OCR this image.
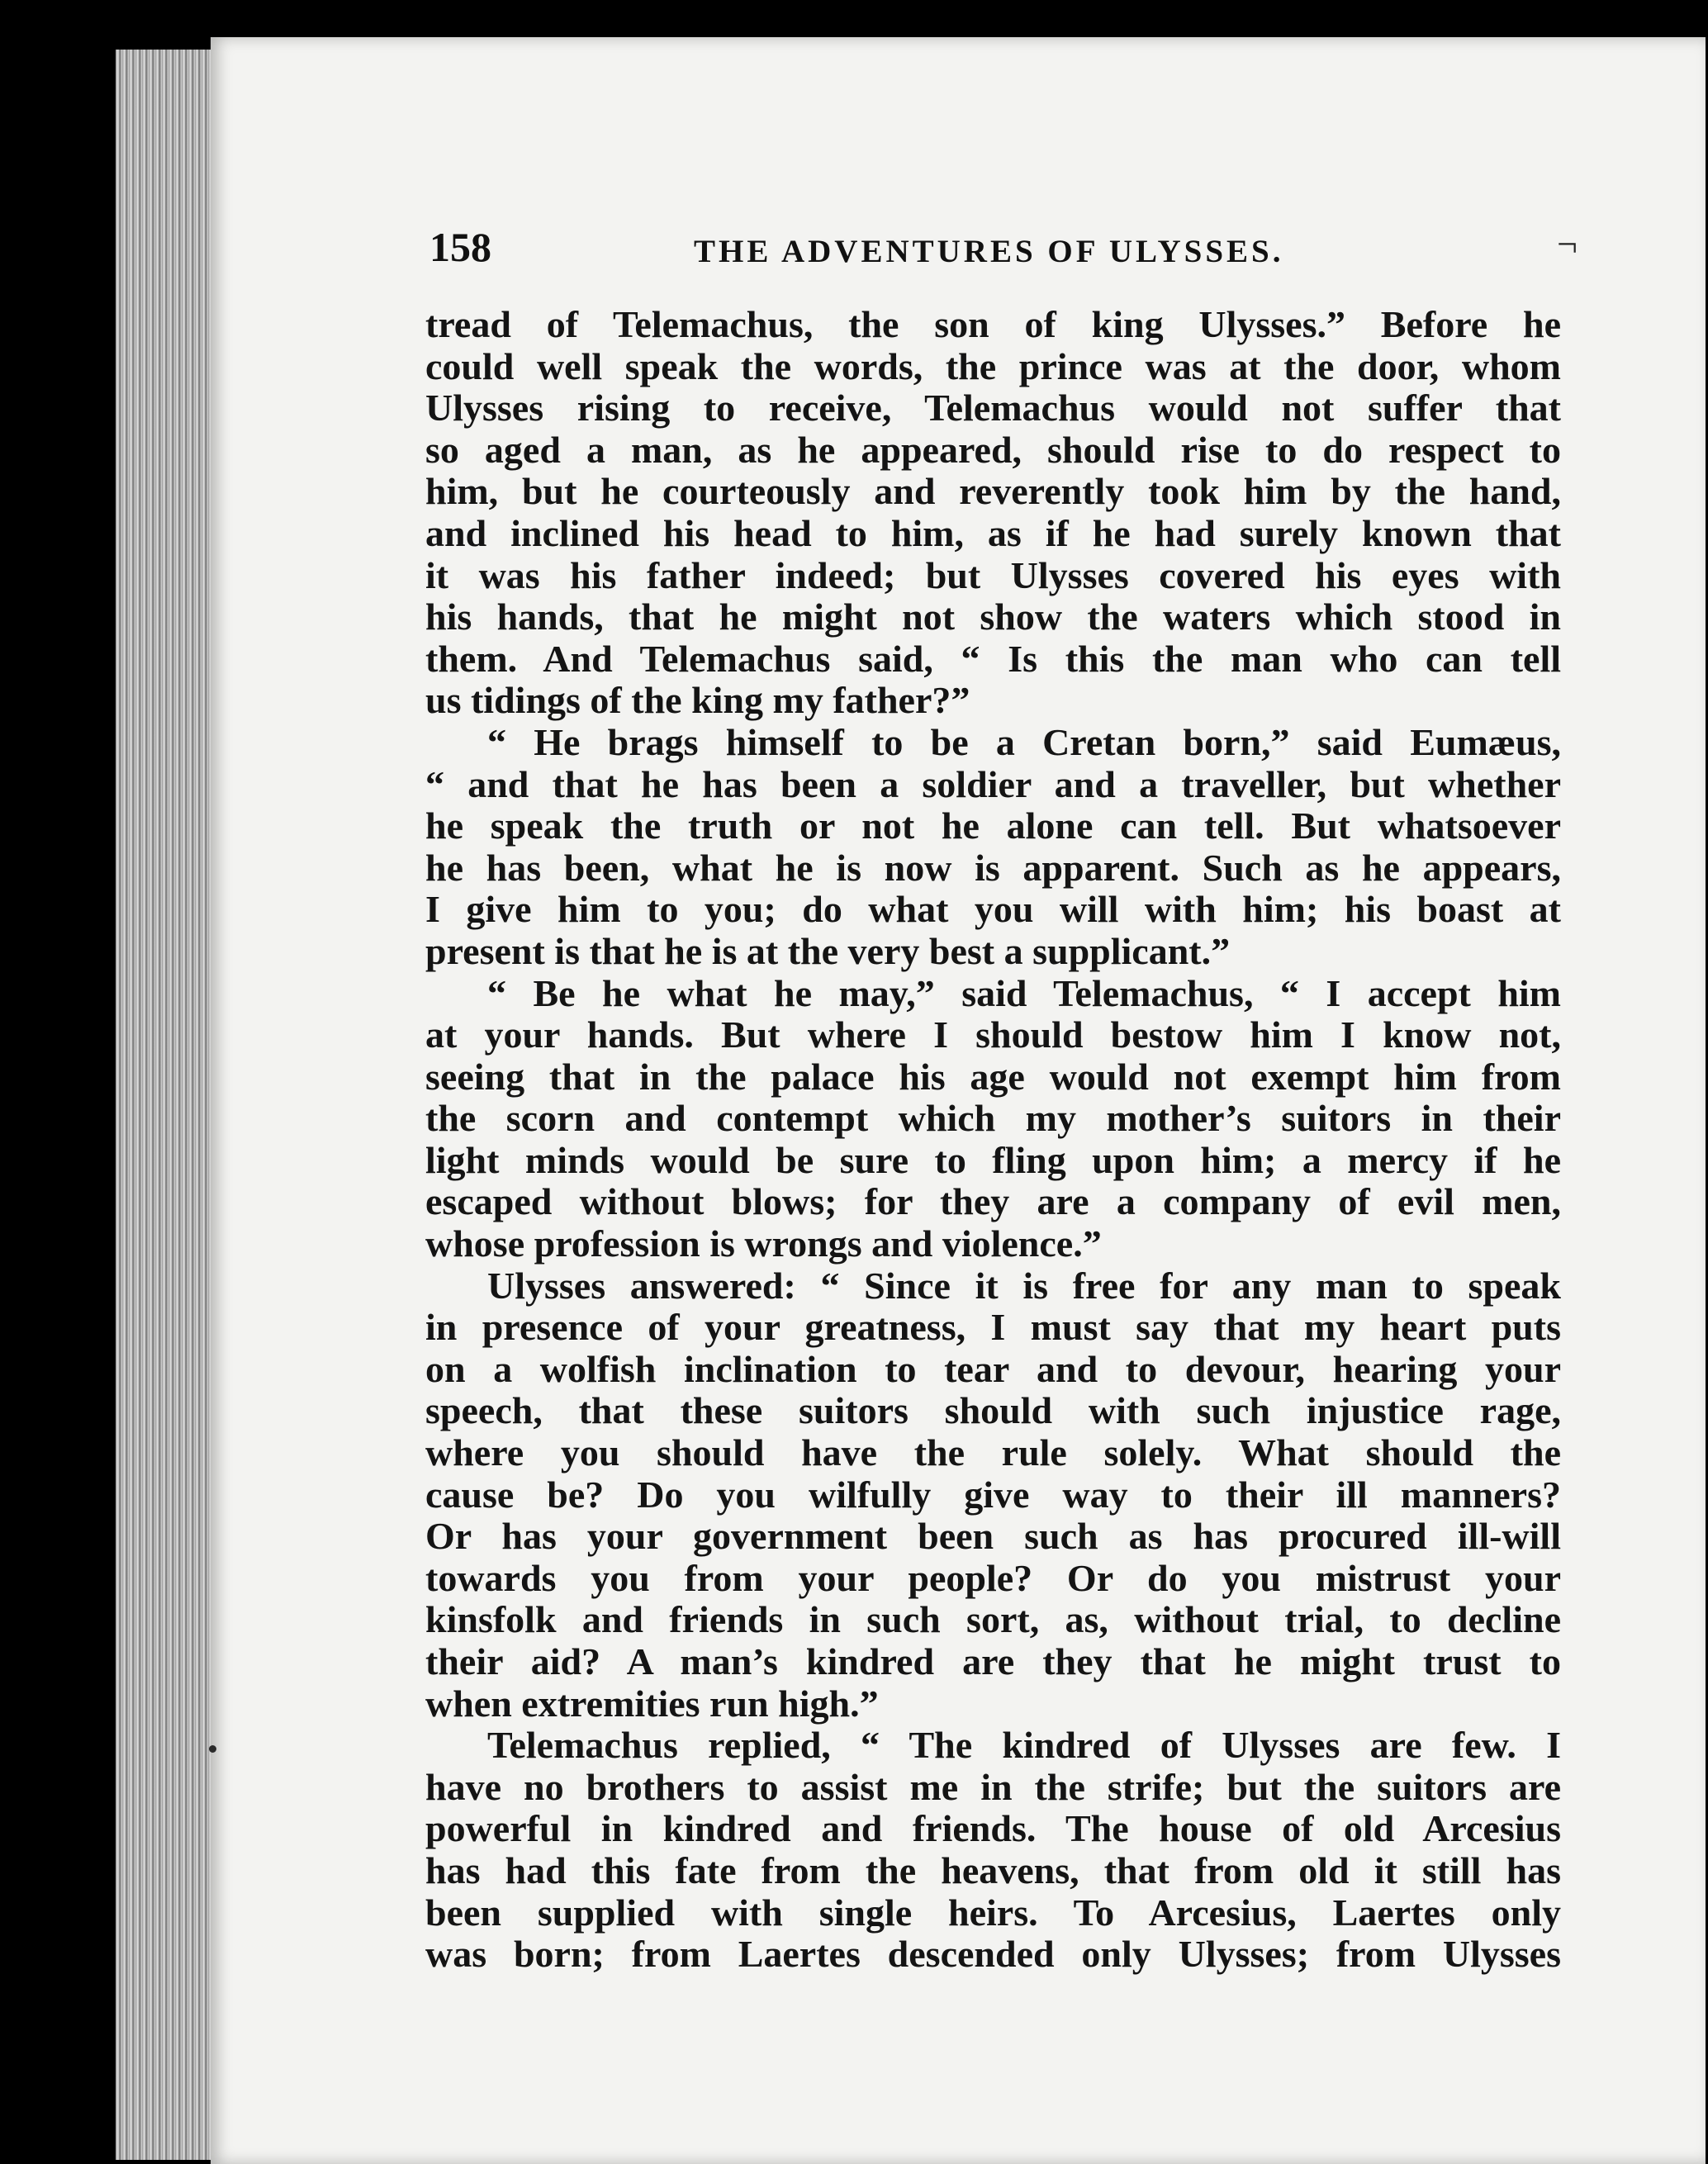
158	THE ADVENTURES OF ULYSSES.	¬
tread of Telemachus, the son of king Ulysses.” Before he
could well speak the words, the prince was at the door, whom
Ulysses rising to receive, Telemachus would not suffer that
so aged a man, as he appeared, should rise to do respect to
him, but he courteously and reverently took him by the hand,
and inclined his head to him, as if he had surely known that
it was his father indeed; but Ulysses covered his eyes with
his hands, that he might not show the waters which stood in
them. And Telemachus said, “ Is this the man who can tell
us tidings of the king my father?”
“ He brags himself to be a Cretan born,” said Eumæus,
“ and that he has been a soldier and a traveller, but whether
he speak the truth or not he alone can tell. But whatsoever
he has been, what he is now is apparent. Such as he appears,
I give him to you; do what you will with him; his boast at
present is that he is at the very best a supplicant.”
“ Be he what he may,” said Telemachus, “ I accept him
at your hands. But where I should bestow him I know not,
seeing that in the palace his age would not exempt him from
the scorn and contempt which my mother’s suitors in their
light minds would be sure to fling upon him; a mercy if he
escaped without blows; for they are a company of evil men,
whose profession is wrongs and violence.”
Ulysses answered: “ Since it is free for any man to speak
in presence of your greatness, I must say that my heart puts
on a wolfish inclination to tear and to devour, hearing your
speech, that these suitors should with such injustice rage,
where you should have the rule solely. What should the
cause be? Do you wilfully give way to their ill manners?
Or has your government been such as has procured ill-will
towards you from your people? Or do you mistrust your
kinsfolk and friends in such sort, as, without trial, to decline
their aid? A man’s kindred are they that he might trust to
when extremities run high.”
Telemachus replied, “ The kindred of Ulysses are few. I
have no brothers to assist me in the strife; but the suitors are
powerful in kindred and friends. The house of old Arcesius
has had this fate from the heavens, that from old it still has
been supplied with single heirs. To Arcesius, Laertes only
was born; from Laertes descended only Ulysses; from Ulysses
